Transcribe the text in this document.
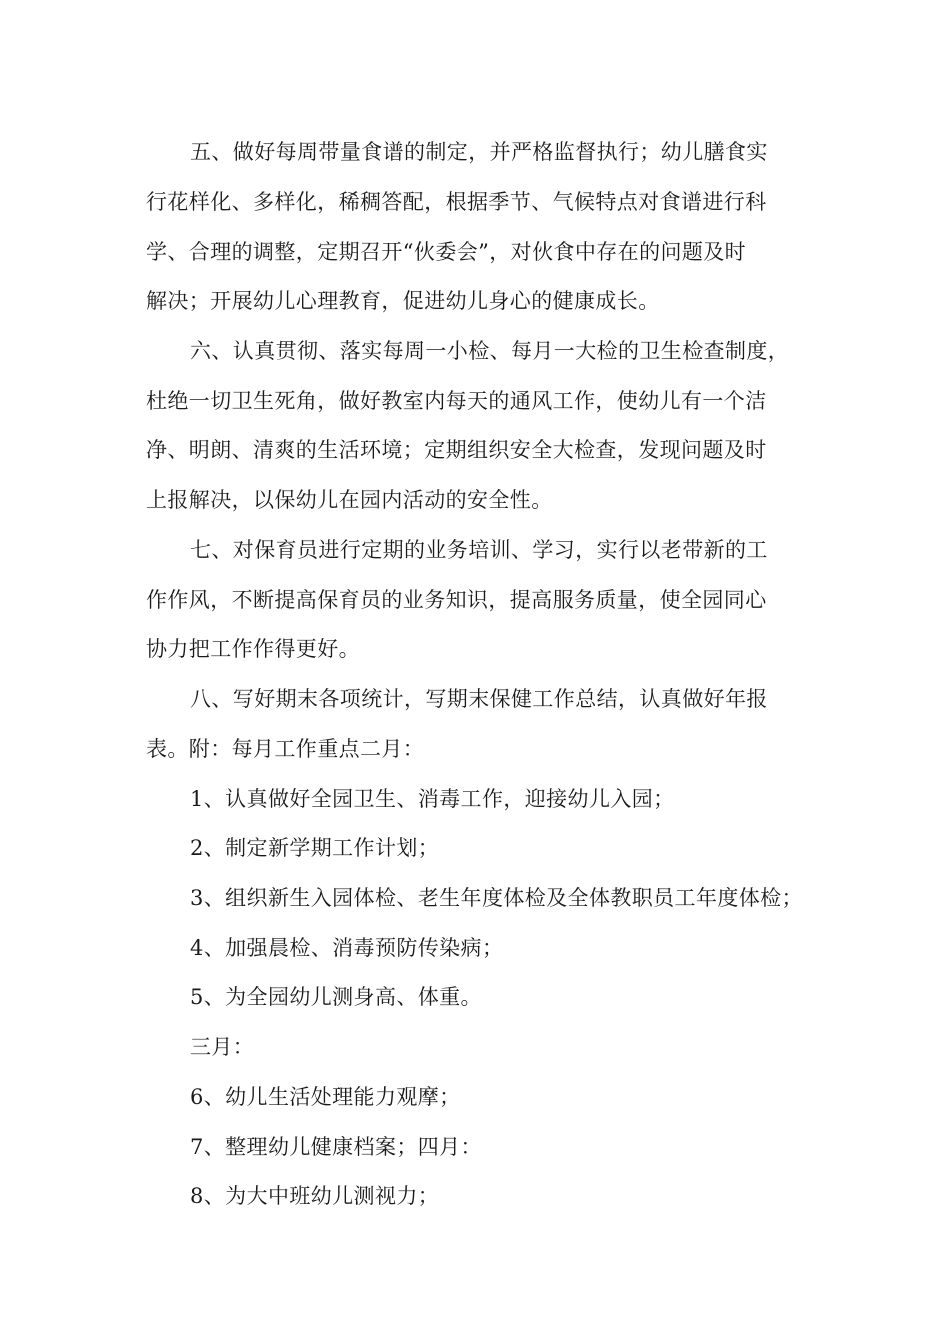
五、做好每周带量食谱的制定，并严格监督执行；幼儿膳食实
行花样化、多样化，稀稠答配，根据季节、气候特点对食谱进行科
学、合理的调整，定期召开“伙委会”，对伙食中存在的问题及时
解决；开展幼儿心理教育，促进幼儿身心的健康成长。
六、认真贯彻、落实每周一小检、每月一大检的卫生检查制度，
杜绝一切卫生死角，做好教室内每天的通风工作，使幼儿有一个洁
净、明朗、清爽的生活环境；定期组织安全大检查，发现问题及时
上报解决，以保幼儿在园内活动的安全性。
七、对保育员进行定期的业务培训、学习，实行以老带新的工
作作风，不断提高保育员的业务知识，提高服务质量，使全园同心
协力把工作作得更好。
八、写好期末各项统计，写期末保健工作总结，认真做好年报
表。附：每月工作重点二月：
1、认真做好全园卫生、消毒工作，迎接幼儿入园；
2、制定新学期工作计划；
3、组织新生入园体检、老生年度体检及全体教职员工年度体检；
4、加强晨检、消毒预防传染病；
5、为全园幼儿测身高、体重。
三月：
6、幼儿生活处理能力观摩；
7、整理幼儿健康档案；四月：
8、为大中班幼儿测视力；
